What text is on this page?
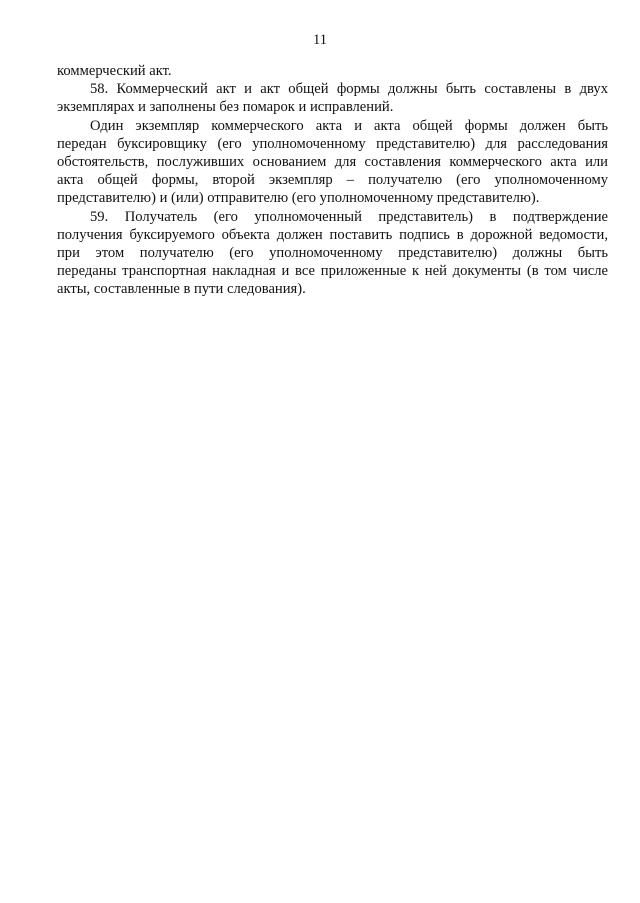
11

коммерческий акт.

58. Коммерческий акт и акт общей формы должны быть составлены в двух
экземплярах и заполнены без помарок и исправлений.

Один экземпляр коммерческого акта и акта общей формы должен быть
передан буксировщику (его уполномоченному представителю) для расследования
обстоятельств, послуживших основанием для составления коммерческого акта или
акта общей формы, второй экземпляр – получателю (его уполномоченному
представителю) и (или) отправителю (его уполномоченному представителю).

59. Получатель (его уполномоченный представитель) в подтверждение
получения буксируемого объекта должен поставить подпись в дорожной ведомости,
при этом получателю (его уполномоченному представителю) должны быть
переданы транспортная накладная и все приложенные к ней документы (в том числе
акты, составленные в пути следования).
